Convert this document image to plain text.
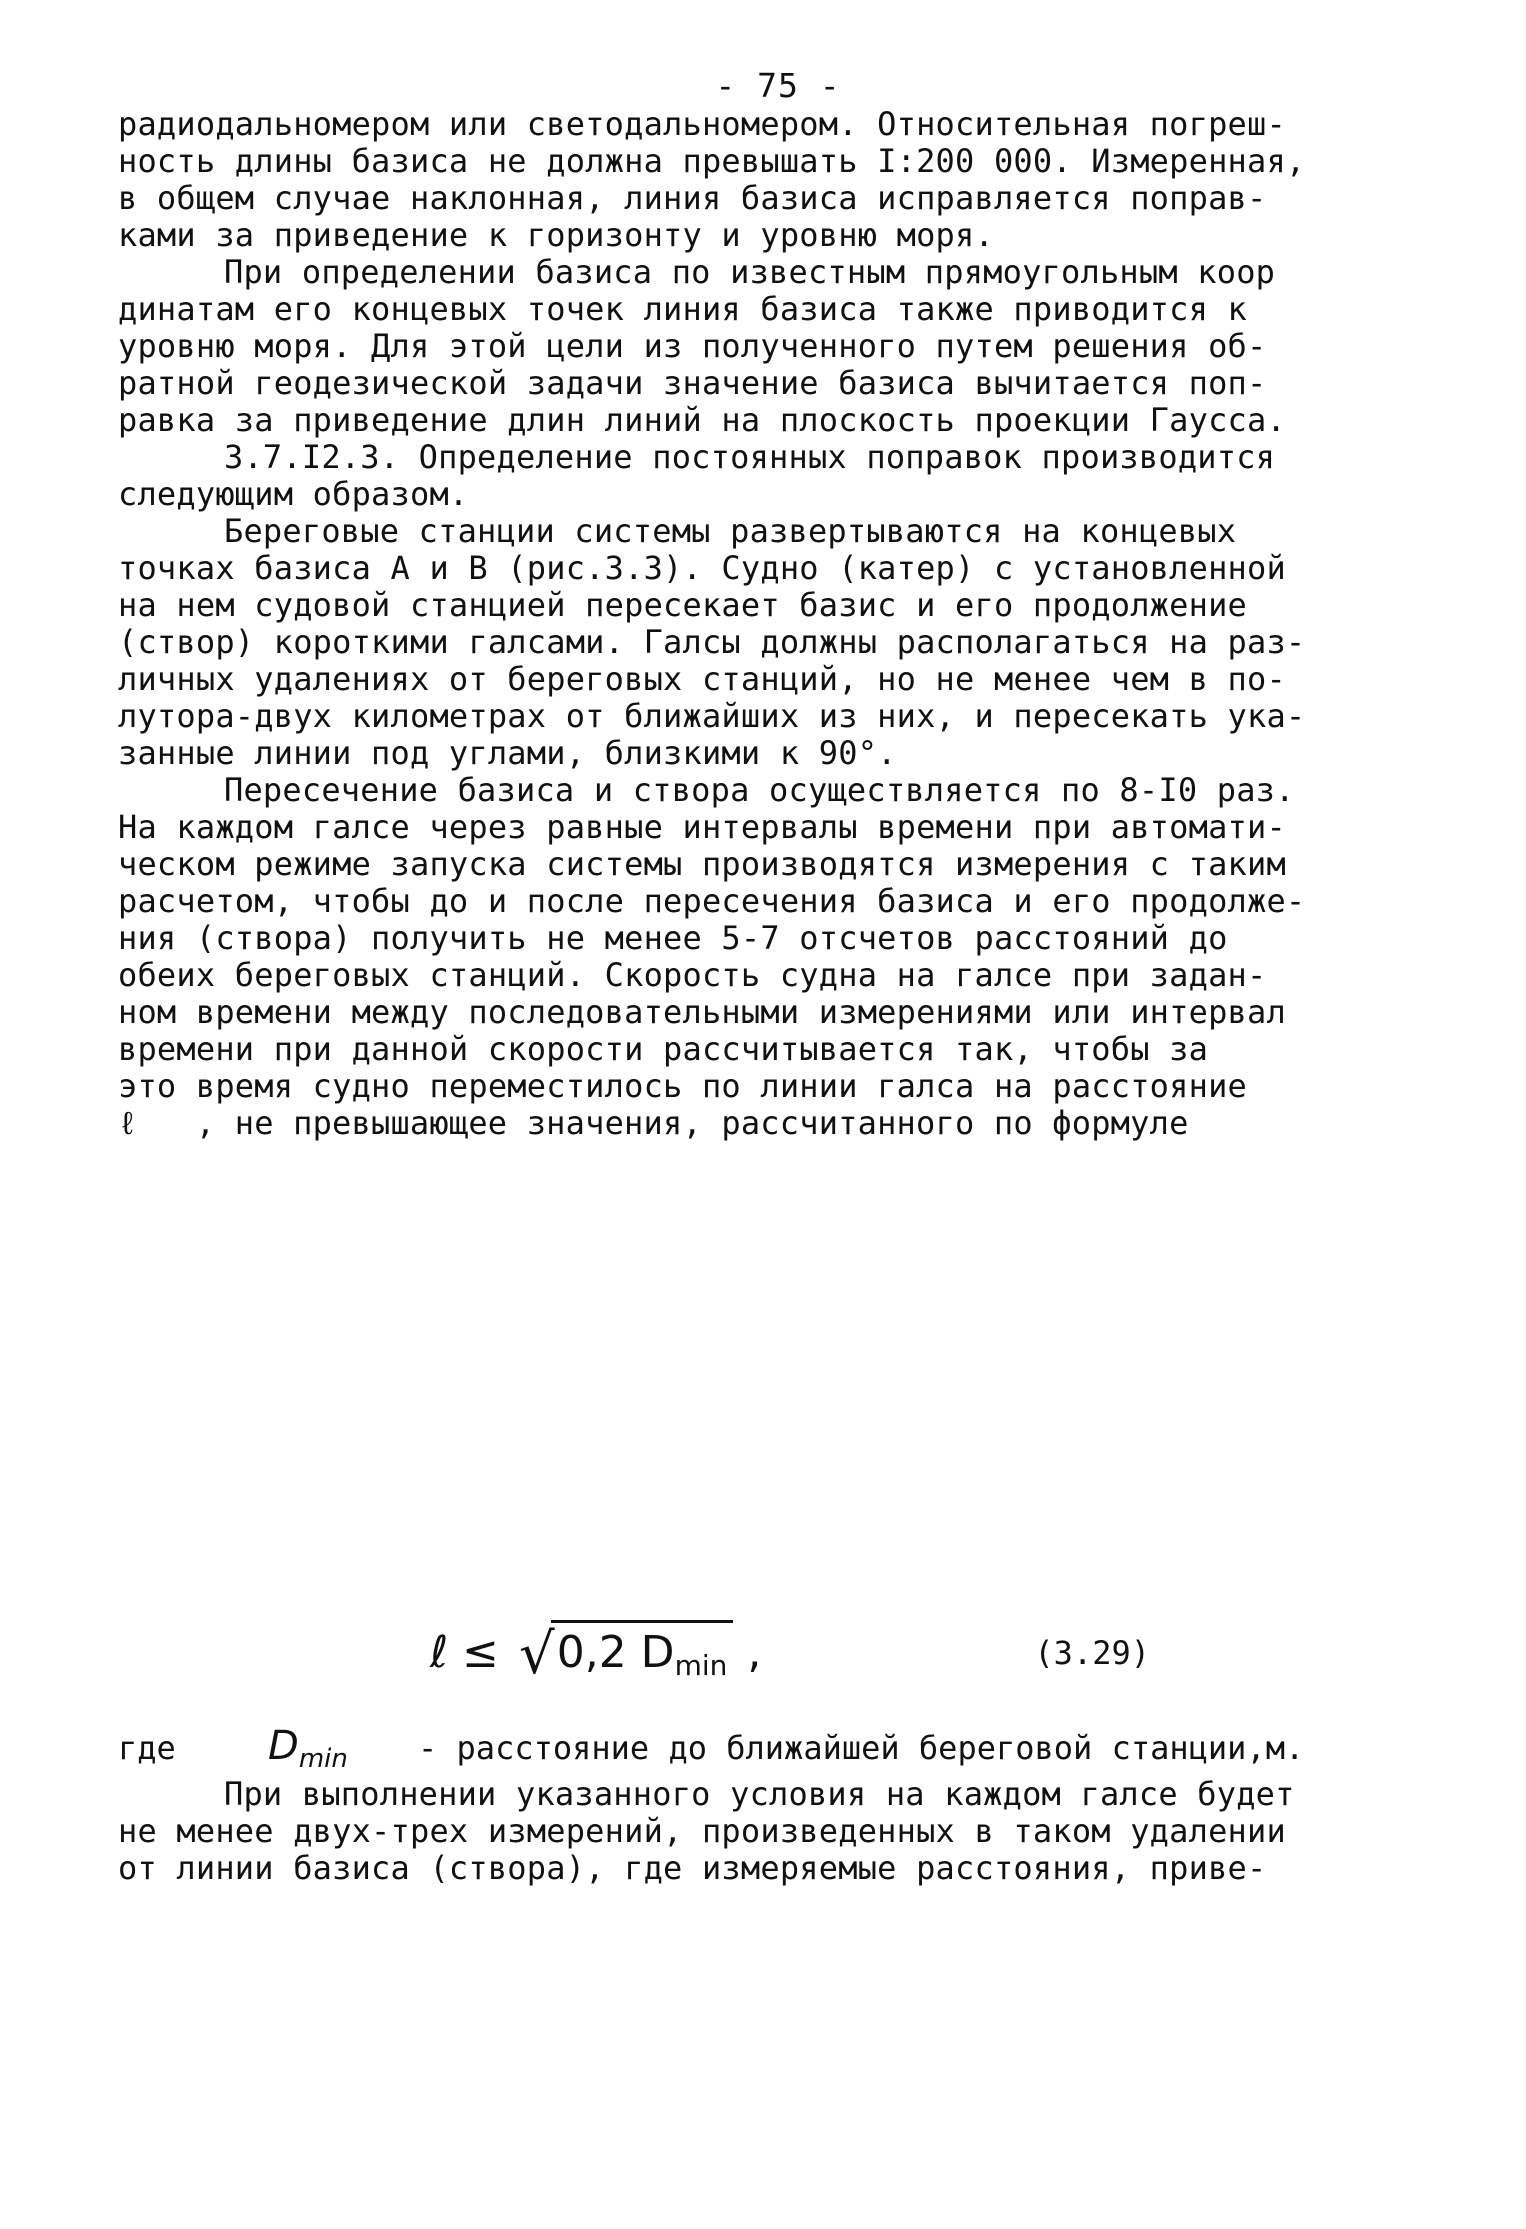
- 75 -
радиодальномером или светодальномером. Относительная погреш-
ность длины базиса не должна превышать I:200 000. Измеренная,
в общем случае наклонная, линия базиса исправляется поправ-
ками за приведение к горизонту и уровню моря.
При определении базиса по известным прямоугольным коор
динатам его концевых точек линия базиса также приводится к
уровню моря. Для этой цели из полученного путем решения об-
ратной геодезической задачи значение базиса вычитается поп-
равка за приведение длин линий на плоскость проекции Гаусса.
3.7.I2.3. Определение постоянных поправок производится
следующим образом.
Береговые станции системы развертываются на концевых
точках базиса A и B (рис.3.3). Судно (катер) с установленной
на нем судовой станцией пересекает базис и его продолжение
(створ) короткими галсами. Галсы должны располагаться на раз-
личных удалениях от береговых станций, но не менее чем в по-
лутора-двух километрах от ближайших из них, и пересекать ука-
занные линии под углами, близкими к 90°.
Пересечение базиса и створа осуществляется по 8-I0 раз.
На каждом галсе через равные интервалы времени при автомати-
ческом режиме запуска системы производятся измерения с таким
расчетом, чтобы до и после пересечения базиса и его продолже-
ния (створа) получить не менее 5-7 отсчетов расстояний до
обеих береговых станций. Скорость судна на галсе при задан-
ном времени между последовательными измерениями или интервал
времени при данной скорости рассчитывается так, чтобы за
это время судно переместилось по линии галса на расстояние
ℓ   , не превышающее значения, рассчитанного по формуле
ℓ ≤ √0,2 $D_{min}$ ,	(3.29)
где $D_{min}$ - расстояние до ближайшей береговой станции,м.
При выполнении указанного условия на каждом галсе будет
не менее двух-трех измерений, произведенных в таком удалении
от линии базиса (створа), где измеряемые расстояния, приве-
